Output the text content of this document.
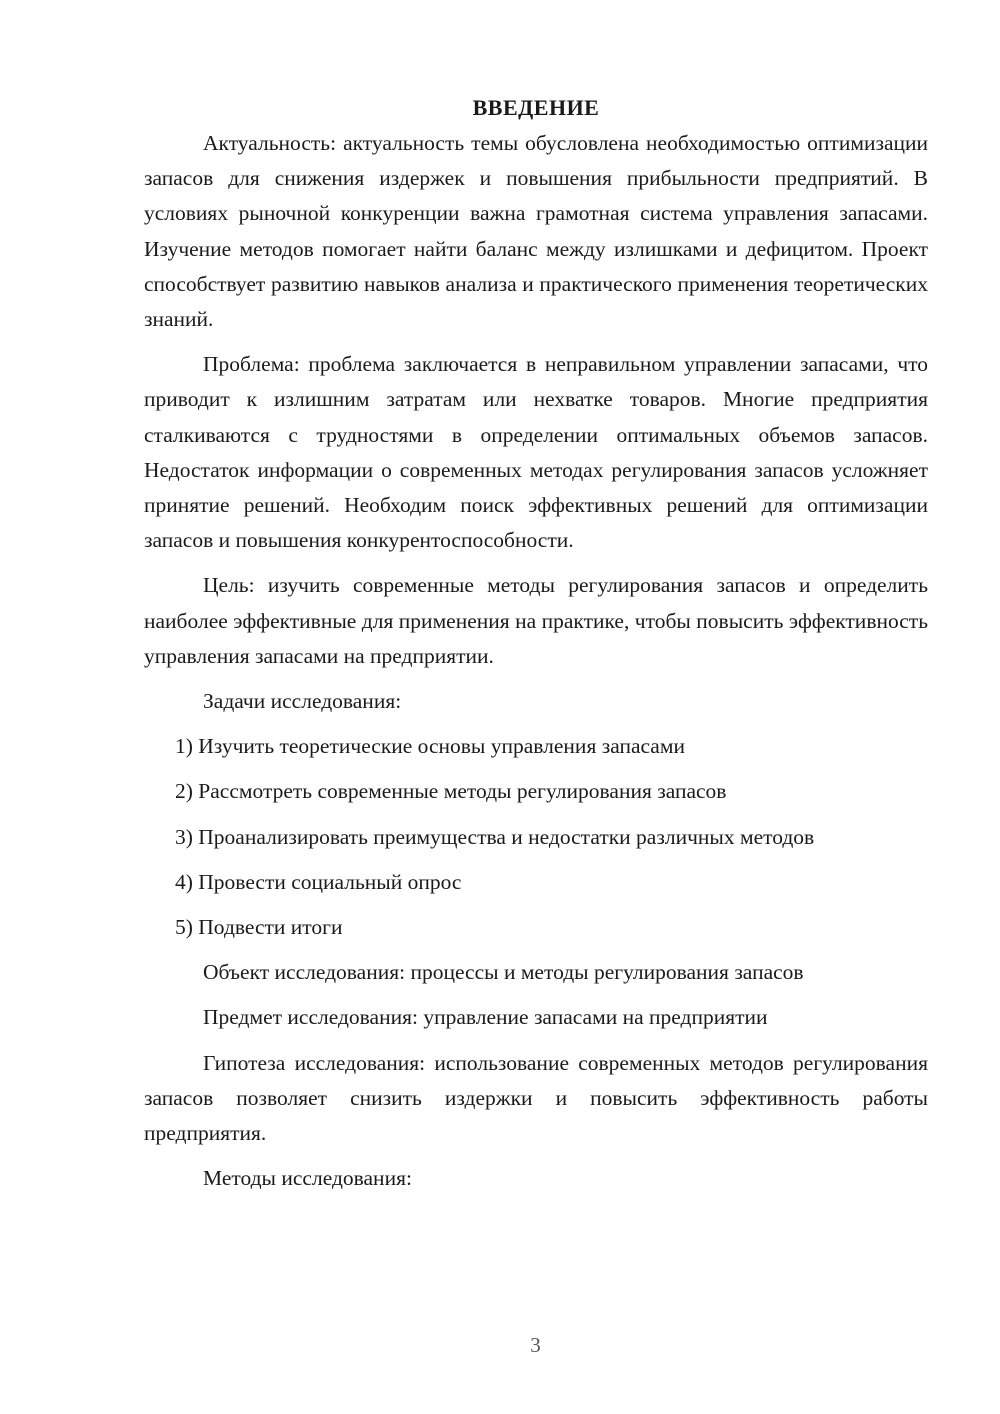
ВВЕДЕНИЕ

Актуальность: актуальность темы обусловлена необходимостью оптимизации запасов для снижения издержек и повышения прибыльности предприятий. В условиях рыночной конкуренции важна грамотная система управления запасами. Изучение методов помогает найти баланс между излишками и дефицитом. Проект способствует развитию навыков анализа и практического применения теоретических знаний.

Проблема: проблема заключается в неправильном управлении запасами, что приводит к излишним затратам или нехватке товаров. Многие предприятия сталкиваются с трудностями в определении оптимальных объемов запасов. Недостаток информации о современных методах регулирования запасов усложняет принятие решений. Необходим поиск эффективных решений для оптимизации запасов и повышения конкурентоспособности.

Цель: изучить современные методы регулирования запасов и определить наиболее эффективные для применения на практике, чтобы повысить эффективность управления запасами на предприятии.

Задачи исследования:

1) Изучить теоретические основы управления запасами
2) Рассмотреть современные методы регулирования запасов
3) Проанализировать преимущества и недостатки различных методов
4) Провести социальный опрос
5) Подвести итоги

Объект исследования: процессы и методы регулирования запасов

Предмет исследования: управление запасами на предприятии

Гипотеза исследования: использование современных методов регулирования запасов позволяет снизить издержки и повысить эффективность работы предприятия.

Методы исследования:

3
